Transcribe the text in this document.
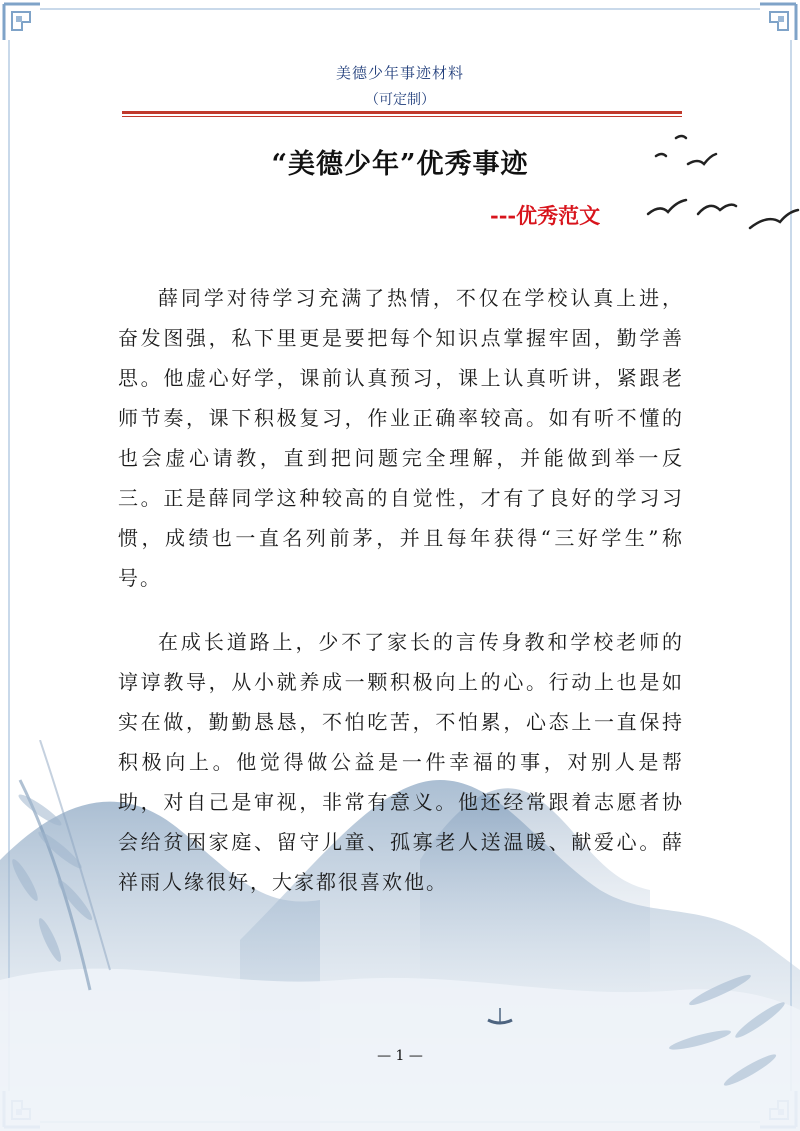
美德少年事迹材料
（可定制）
“美德少年”优秀事迹
---优秀范文

薛同学对待学习充满了热情，不仅在学校认真上进，奋发图强，私下里更是要把每个知识点掌握牢固，勤学善思。他虚心好学，课前认真预习，课上认真听讲，紧跟老师节奏，课下积极复习，作业正确率较高。如有听不懂的也会虚心请教，直到把问题完全理解，并能做到举一反三。正是薛同学这种较高的自觉性，才有了良好的学习习惯，成绩也一直名列前茅，并且每年获得“三好学生”称号。

在成长道路上，少不了家长的言传身教和学校老师的谆谆教导，从小就养成一颗积极向上的心。行动上也是如实在做，勤勤恳恳，不怕吃苦，不怕累，心态上一直保持积极向上。他觉得做公益是一件幸福的事，对别人是帮助，对自己是审视，非常有意义。他还经常跟着志愿者协会给贫困家庭、留守儿童、孤寡老人送温暖、献爱心。薛祥雨人缘很好，大家都很喜欢他。

— 1 —
